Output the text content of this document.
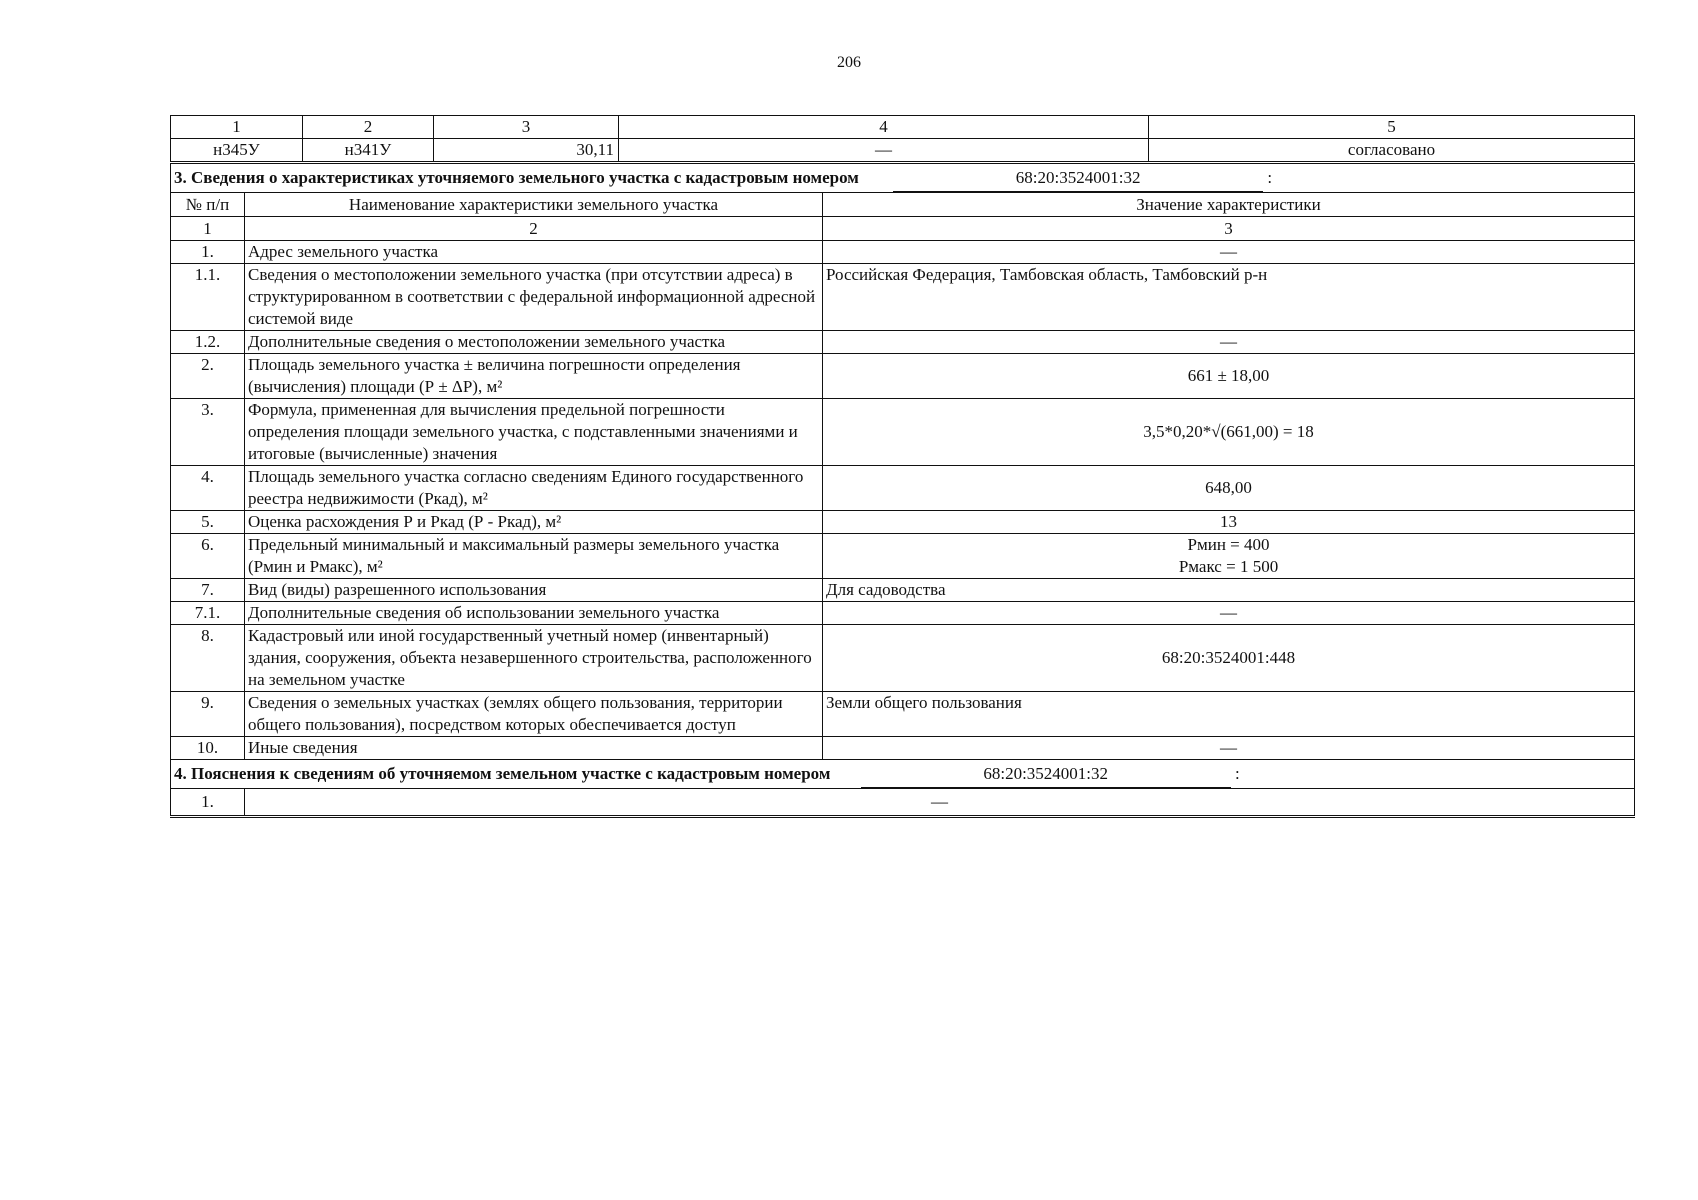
206
1	2	3	4	5
н345У	н341У	30,11	—	согласовано
3. Сведения о характеристиках уточняемого земельного участка с кадастровым номером 68:20:3524001:32 :		
№ п/п	Наименование характеристики земельного участка	Значение характеристики
1	2	3
1.	Адрес земельного участка	—
1.1.	Сведения о местоположении земельного участка (при отсутствии адреса) в структурированном в соответствии с федеральной информационной адресной системой виде	Российская Федерация, Тамбовская область, Тамбовский р-н
1.2.	Дополнительные сведения о местоположении земельного участка	—
2.	Площадь земельного участка ± величина погрешности определения (вычисления) площади (Р ± ΔР), м²	661 ± 18,00
3.	Формула, примененная для вычисления предельной погрешности определения площади земельного участка, с подставленными значениями и итоговые (вычисленные) значения	3,5*0,20*√(661,00) = 18
4.	Площадь земельного участка согласно сведениям Единого государственного реестра недвижимости (Ркад), м²	648,00
5.	Оценка расхождения Р и Ркад (Р - Ркад), м²	13
6.	Предельный минимальный и максимальный размеры земельного участка (Рмин и Рмакс), м²	Рмин = 400
Рмакс = 1 500

7.	Вид (виды) разрешенного использования	Для садоводства
7.1.	Дополнительные сведения об использовании земельного участка	—
8.	Кадастровый или иной государственный учетный номер (инвентарный) здания, сооружения, объекта незавершенного строительства, расположенного на земельном участке	68:20:3524001:448
9.	Сведения о земельных участках (землях общего пользования, территории общего пользования), посредством которых обеспечивается доступ	Земли общего пользования
10.	Иные сведения	—
4. Пояснения к сведениям об уточняемом земельном участке с кадастровым номером 68:20:3524001:32 :		
1.	—	
